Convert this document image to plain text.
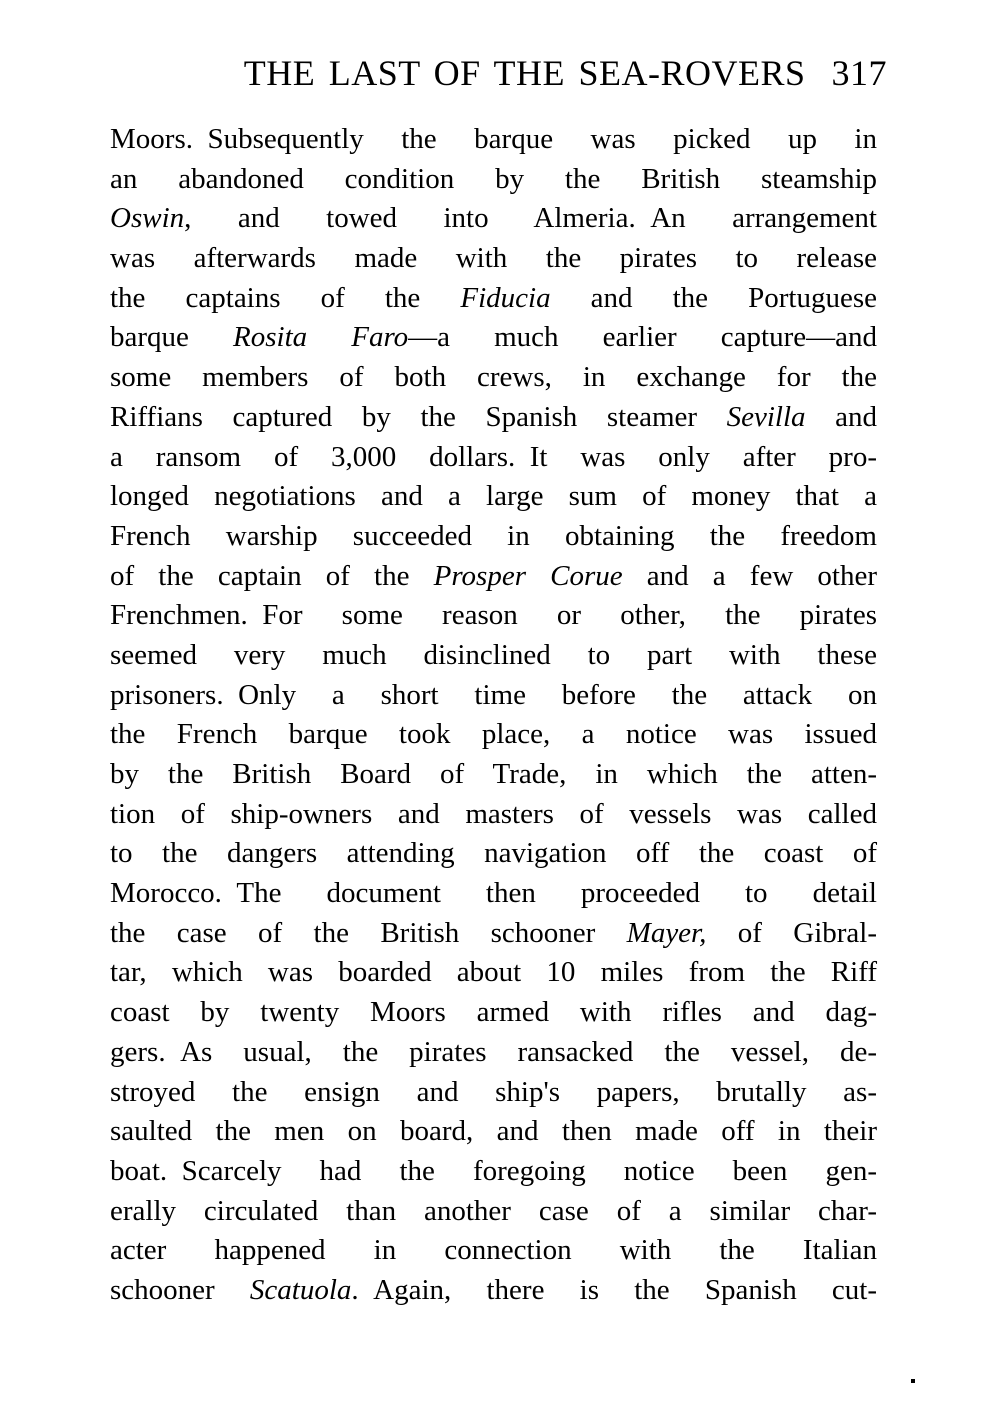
THE LAST OF THE SEA-ROVERS 317
Moors. Subsequently the barque was picked up in
an abandoned condition by the British steamship
Oswin, and towed into Almeria. An arrangement
was afterwards made with the pirates to release
the captains of the Fiducia and the Portuguese
barque Rosita Faro—a much earlier capture—and
some members of both crews, in exchange for the
Riffians captured by the Spanish steamer Sevilla and
a ransom of 3,000 dollars. It was only after pro-
longed negotiations and a large sum of money that a
French warship succeeded in obtaining the freedom
of the captain of the Prosper Corue and a few other
Frenchmen. For some reason or other, the pirates
seemed very much disinclined to part with these
prisoners. Only a short time before the attack on
the French barque took place, a notice was issued
by the British Board of Trade, in which the atten-
tion of ship-owners and masters of vessels was called
to the dangers attending navigation off the coast of
Morocco. The document then proceeded to detail
the case of the British schooner Mayer, of Gibral-
tar, which was boarded about 10 miles from the Riff
coast by twenty Moors armed with rifles and dag-
gers. As usual, the pirates ransacked the vessel, de-
stroyed the ensign and ship's papers, brutally as-
saulted the men on board, and then made off in their
boat. Scarcely had the foregoing notice been gen-
erally circulated than another case of a similar char-
acter happened in connection with the Italian
schooner Scatuola. Again, there is the Spanish cut-
